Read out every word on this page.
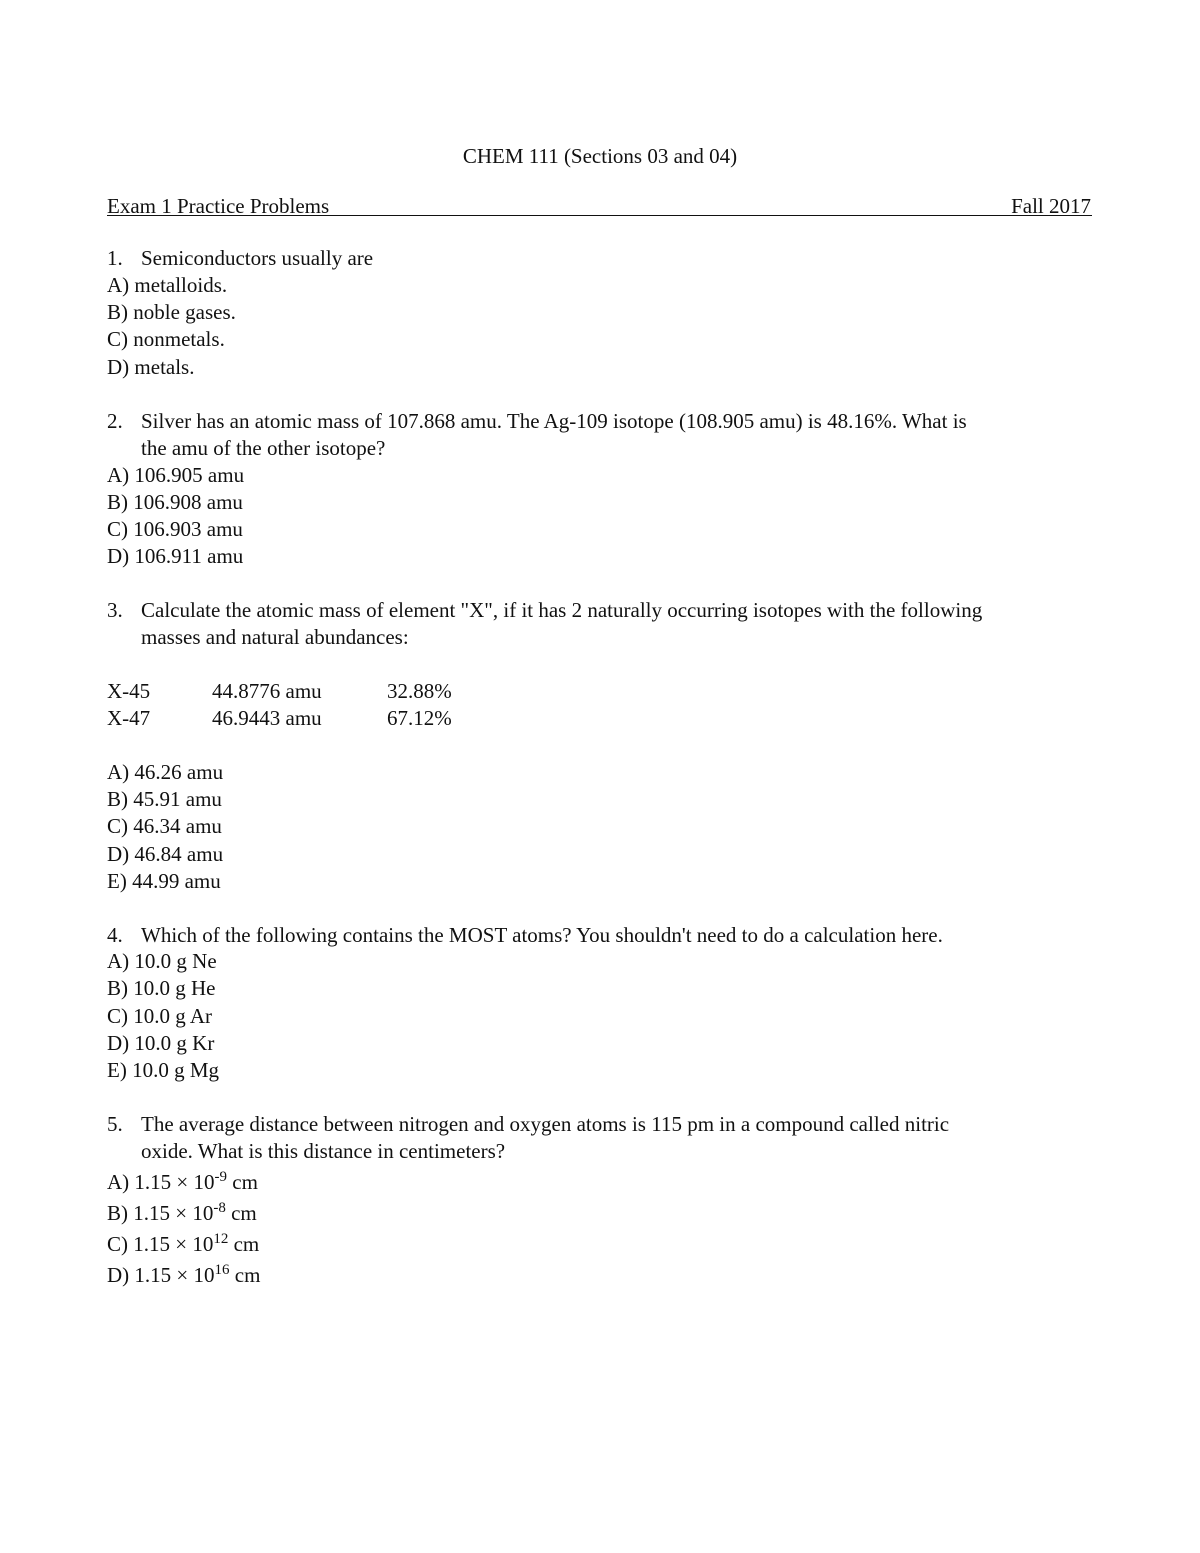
CHEM 111 (Sections 03 and 04)
Exam 1 Practice Problems	Fall 2017
1. Semiconductors usually are
A) metalloids.
B) noble gases.
C) nonmetals.
D) metals.
2. Silver has an atomic mass of 107.868 amu. The Ag-109 isotope (108.905 amu) is 48.16%. What is
the amu of the other isotope?
A) 106.905 amu
B) 106.908 amu
C) 106.903 amu
D) 106.911 amu
3. Calculate the atomic mass of element "X", if it has 2 naturally occurring isotopes with the following
masses and natural abundances:
X-45	44.8776 amu	32.88%
X-47	46.9443 amu	67.12%
A) 46.26 amu
B) 45.91 amu
C) 46.34 amu
D) 46.84 amu
E) 44.99 amu
4. Which of the following contains the MOST atoms? You shouldn't need to do a calculation here.
A) 10.0 g Ne
B) 10.0 g He
C) 10.0 g Ar
D) 10.0 g Kr
E) 10.0 g Mg
5. The average distance between nitrogen and oxygen atoms is 115 pm in a compound called nitric
oxide. What is this distance in centimeters?
A) $1.15 \times 10^{-9}$ cm
B) $1.15 \times 10^{-8}$ cm
C) $1.15 \times 10^{12}$ cm
D) $1.15 \times 10^{16}$ cm
